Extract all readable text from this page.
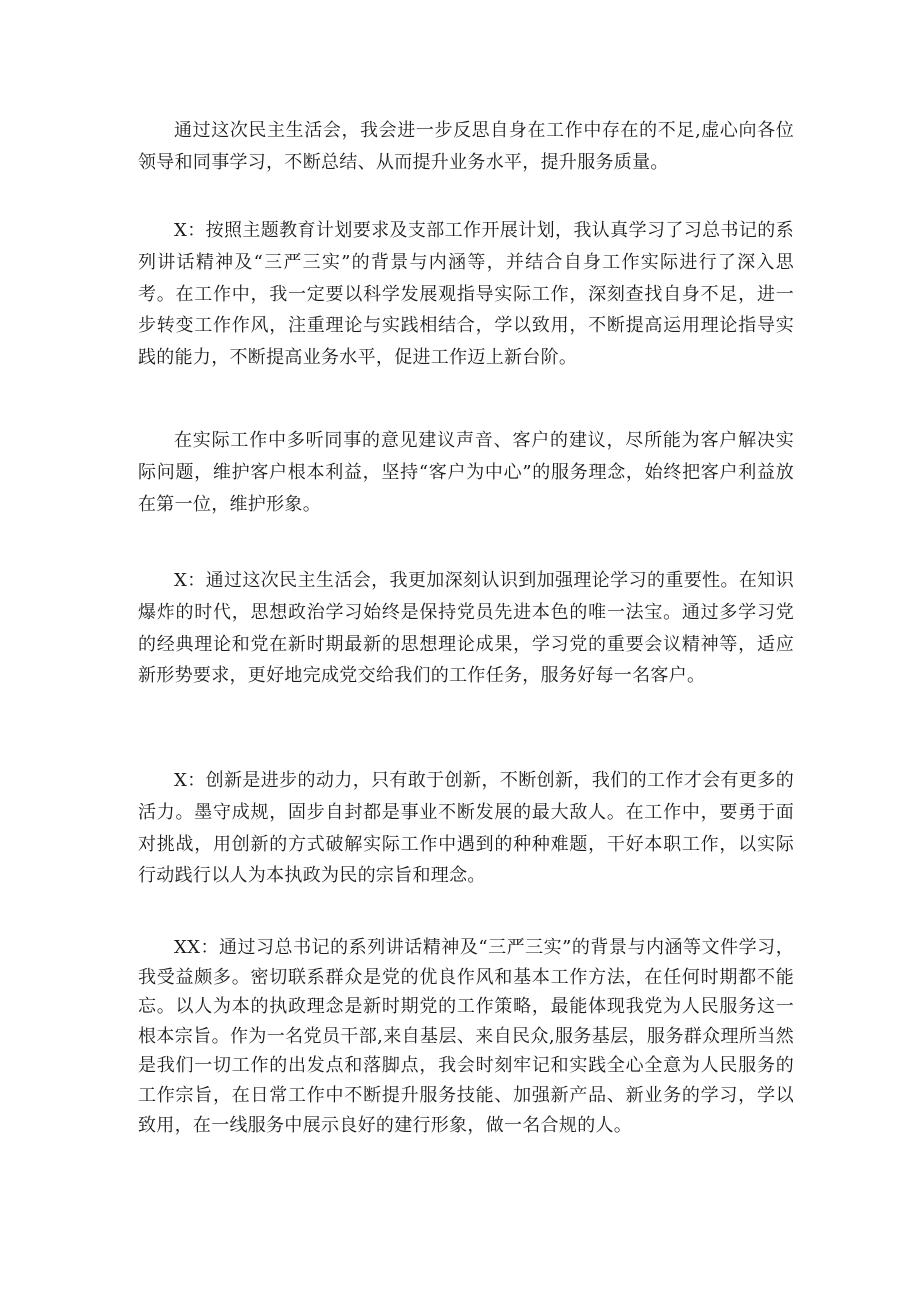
通过这次民主生活会，我会进一步反思自身在工作中存在的不足,虚心向各位领导和同事学习，不断总结、从而提升业务水平，提升服务质量。

X：按照主题教育计划要求及支部工作开展计划，我认真学习了习总书记的系列讲话精神及“三严三实”的背景与内涵等，并结合自身工作实际进行了深入思考。在工作中，我一定要以科学发展观指导实际工作，深刻查找自身不足，进一步转变工作作风，注重理论与实践相结合，学以致用，不断提高运用理论指导实践的能力，不断提高业务水平，促进工作迈上新台阶。

在实际工作中多听同事的意见建议声音、客户的建议，尽所能为客户解决实际问题，维护客户根本利益，坚持“客户为中心”的服务理念，始终把客户利益放在第一位，维护形象。

X：通过这次民主生活会，我更加深刻认识到加强理论学习的重要性。在知识爆炸的时代，思想政治学习始终是保持党员先进本色的唯一法宝。通过多学习党的经典理论和党在新时期最新的思想理论成果，学习党的重要会议精神等，适应新形势要求，更好地完成党交给我们的工作任务，服务好每一名客户。

X：创新是进步的动力，只有敢于创新，不断创新，我们的工作才会有更多的活力。墨守成规，固步自封都是事业不断发展的最大敌人。在工作中，要勇于面对挑战，用创新的方式破解实际工作中遇到的种种难题，干好本职工作，以实际行动践行以人为本执政为民的宗旨和理念。

XX：通过习总书记的系列讲话精神及“三严三实”的背景与内涵等文件学习，我受益颇多。密切联系群众是党的优良作风和基本工作方法，在任何时期都不能忘。以人为本的执政理念是新时期党的工作策略，最能体现我党为人民服务这一根本宗旨。作为一名党员干部,来自基层、来自民众,服务基层，服务群众理所当然是我们一切工作的出发点和落脚点，我会时刻牢记和实践全心全意为人民服务的工作宗旨，在日常工作中不断提升服务技能、加强新产品、新业务的学习，学以致用，在一线服务中展示良好的建行形象，做一名合规的人。
